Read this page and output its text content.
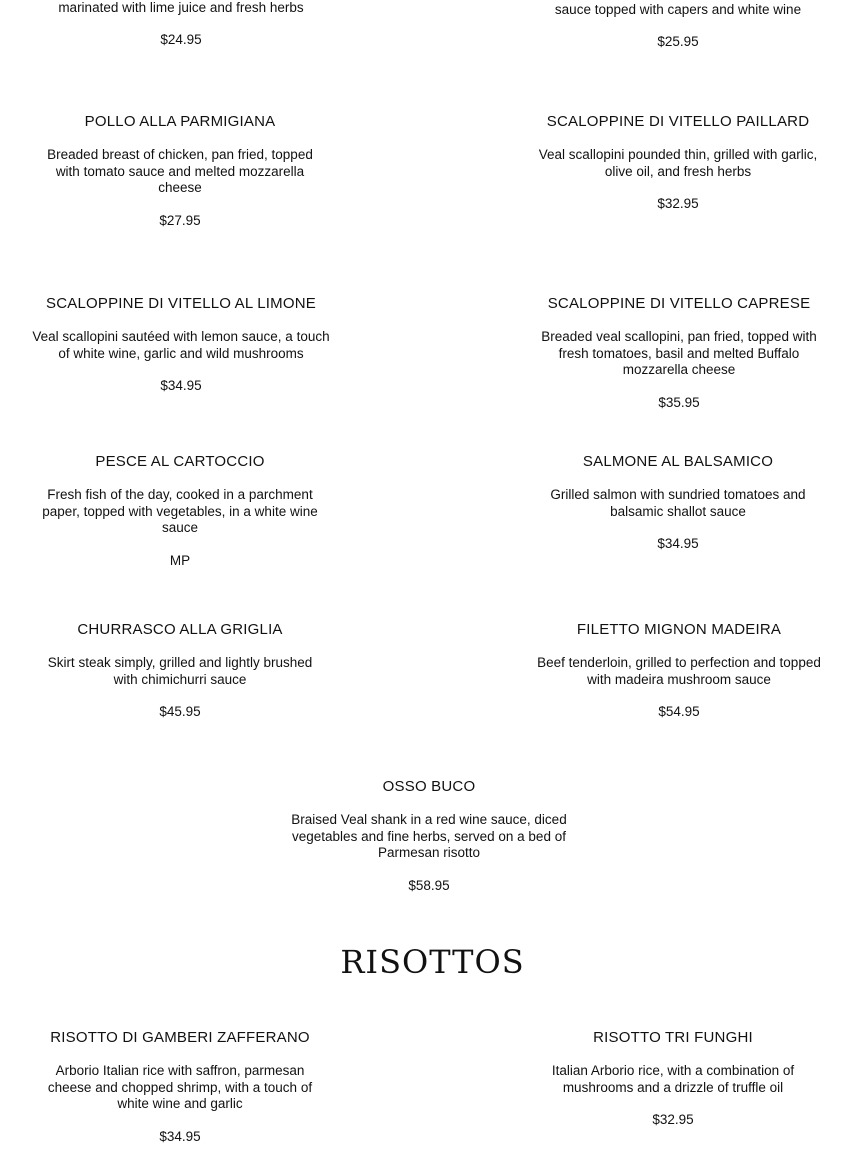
marinated with lime juice and fresh herbs

$24.95

sauce topped with capers and white wine

$25.95

POLLO ALLA PARMIGIANA

Breaded breast of chicken, pan fried, topped with tomato sauce and melted mozzarella cheese

$27.95

SCALOPPINE DI VITELLO PAILLARD

Veal scallopini pounded thin, grilled with garlic, olive oil, and fresh herbs

$32.95

SCALOPPINE DI VITELLO AL LIMONE

Veal scallopini sautéed with lemon sauce, a touch of white wine, garlic and wild mushrooms

$34.95

SCALOPPINE DI VITELLO CAPRESE

Breaded veal scallopini, pan fried, topped with fresh tomatoes, basil and melted Buffalo mozzarella cheese

$35.95

PESCE AL CARTOCCIO

Fresh fish of the day, cooked in a parchment paper, topped with vegetables, in a white wine sauce

MP

SALMONE AL BALSAMICO

Grilled salmon with sundried tomatoes and balsamic shallot sauce

$34.95

CHURRASCO ALLA GRIGLIA

Skirt steak simply, grilled and lightly brushed with chimichurri sauce

$45.95

FILETTO MIGNON MADEIRA

Beef tenderloin, grilled to perfection and topped with madeira mushroom sauce

$54.95

OSSO BUCO

Braised Veal shank in a red wine sauce, diced vegetables and fine herbs, served on a bed of Parmesan risotto

$58.95

RISOTTOS
RISOTTO DI GAMBERI ZAFFERANO

Arborio Italian rice with saffron, parmesan cheese and chopped shrimp, with a touch of white wine and garlic

$34.95

RISOTTO TRI FUNGHI

Italian Arborio rice, with a combination of mushrooms and a drizzle of truffle oil

$32.95
